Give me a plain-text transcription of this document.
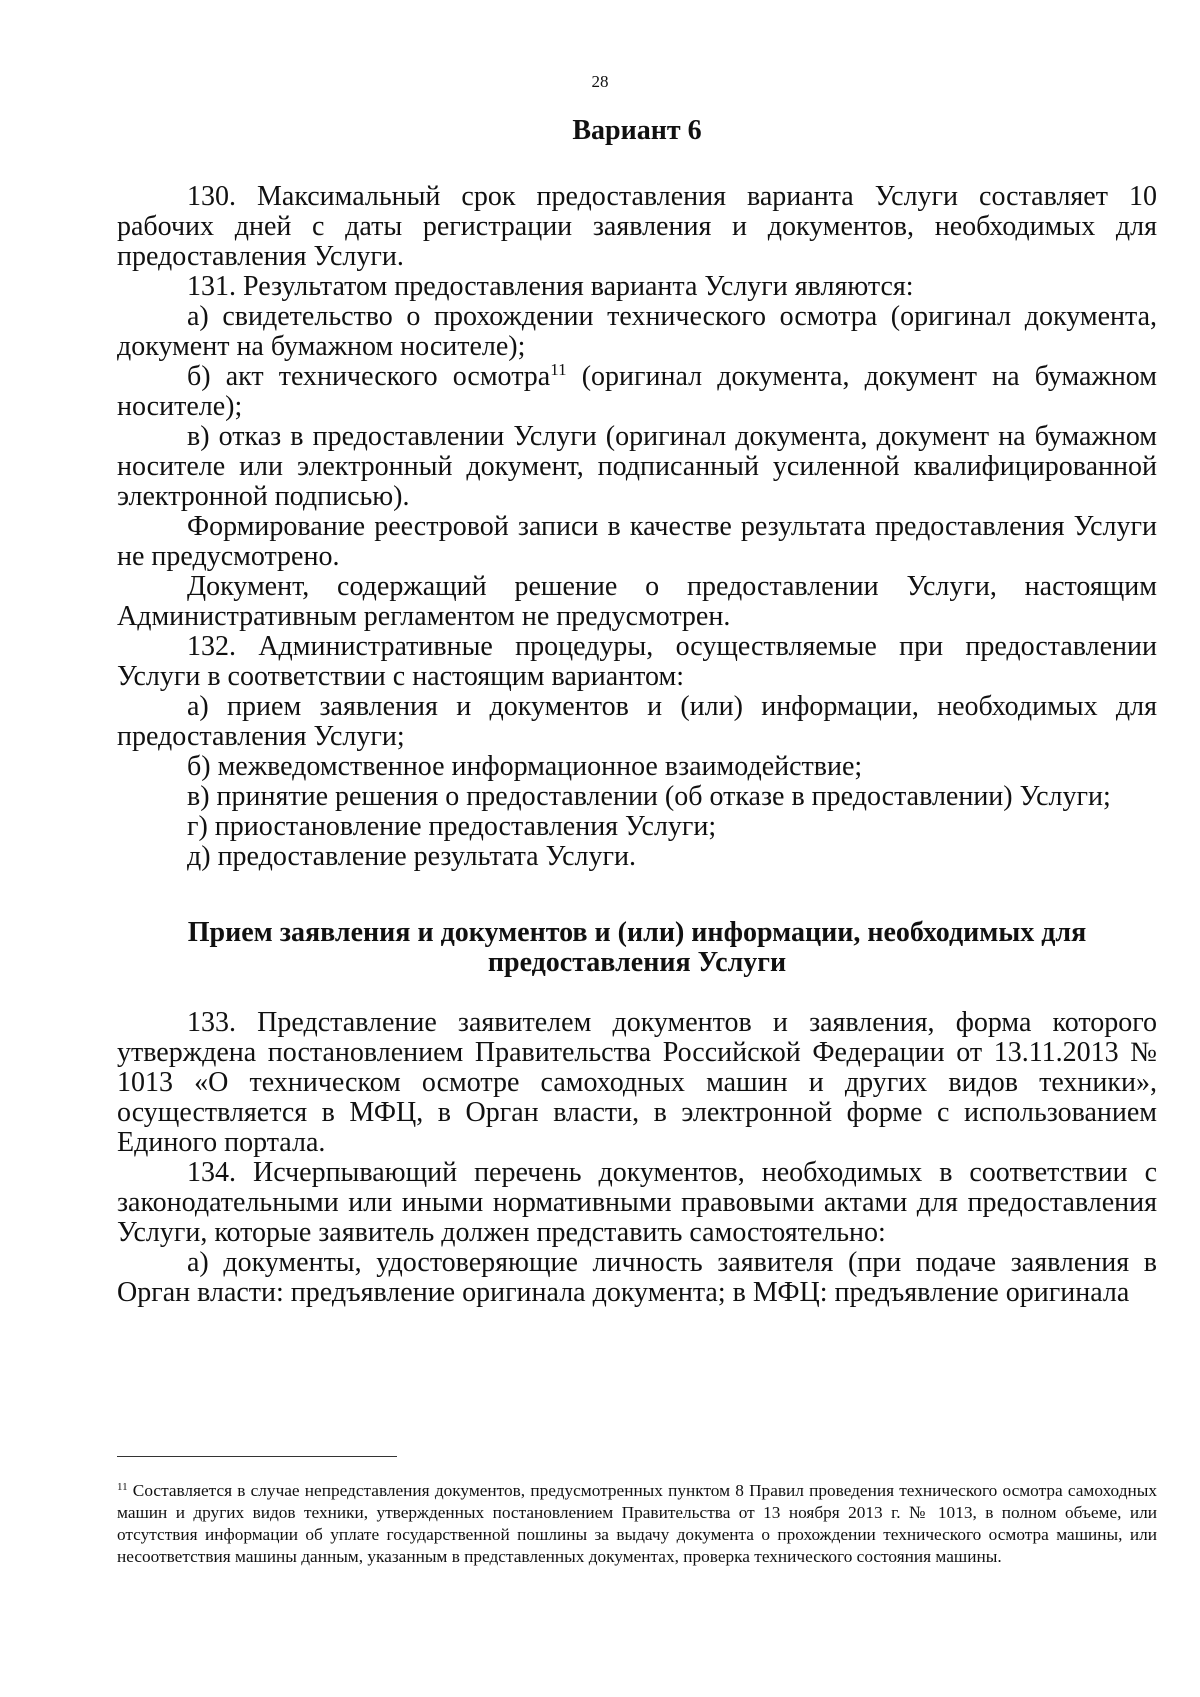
28
Вариант 6

130. Максимальный срок предоставления варианта Услуги составляет 10 рабочих дней с даты регистрации заявления и документов, необходимых для предоставления Услуги.

131. Результатом предоставления варианта Услуги являются:

а) свидетельство о прохождении технического осмотра (оригинал документа, документ на бумажном носителе);

б) акт технического осмотра$^{11}$ (оригинал документа, документ на бумажном носителе);

в) отказ в предоставлении Услуги (оригинал документа, документ на бумажном носителе или электронный документ, подписанный усиленной квалифицированной электронной подписью).

Формирование реестровой записи в качестве результата предоставления Услуги не предусмотрено.

Документ, содержащий решение о предоставлении Услуги, настоящим Административным регламентом не предусмотрен.

132. Административные процедуры, осуществляемые при предоставлении Услуги в соответствии с настоящим вариантом:

а) прием заявления и документов и (или) информации, необходимых для предоставления Услуги;

б) межведомственное информационное взаимодействие;

в) принятие решения о предоставлении (об отказе в предоставлении) Услуги;

г) приостановление предоставления Услуги;

д) предоставление результата Услуги.

Прием заявления и документов и (или) информации, необходимых для предоставления Услуги

133. Представление заявителем документов и заявления, форма которого утверждена постановлением Правительства Российской Федерации от 13.11.2013 № 1013 «О техническом осмотре самоходных машин и других видов техники», осуществляется в МФЦ, в Орган власти, в электронной форме с использованием Единого портала.

134. Исчерпывающий перечень документов, необходимых в соответствии с законодательными или иными нормативными правовыми актами для предоставления Услуги, которые заявитель должен представить самостоятельно:

а) документы, удостоверяющие личность заявителя (при подаче заявления в Орган власти: предъявление оригинала документа; в МФЦ: предъявление оригинала

$^{11}$ Составляется в случае непредставления документов, предусмотренных пунктом 8 Правил проведения технического осмотра самоходных машин и других видов техники, утвержденных постановлением Правительства от 13 ноября 2013 г. № 1013, в полном объеме, или отсутствия информации об уплате государственной пошлины за выдачу документа о прохождении технического осмотра машины, или несоответствия машины данным, указанным в представленных документах, проверка технического состояния машины.
